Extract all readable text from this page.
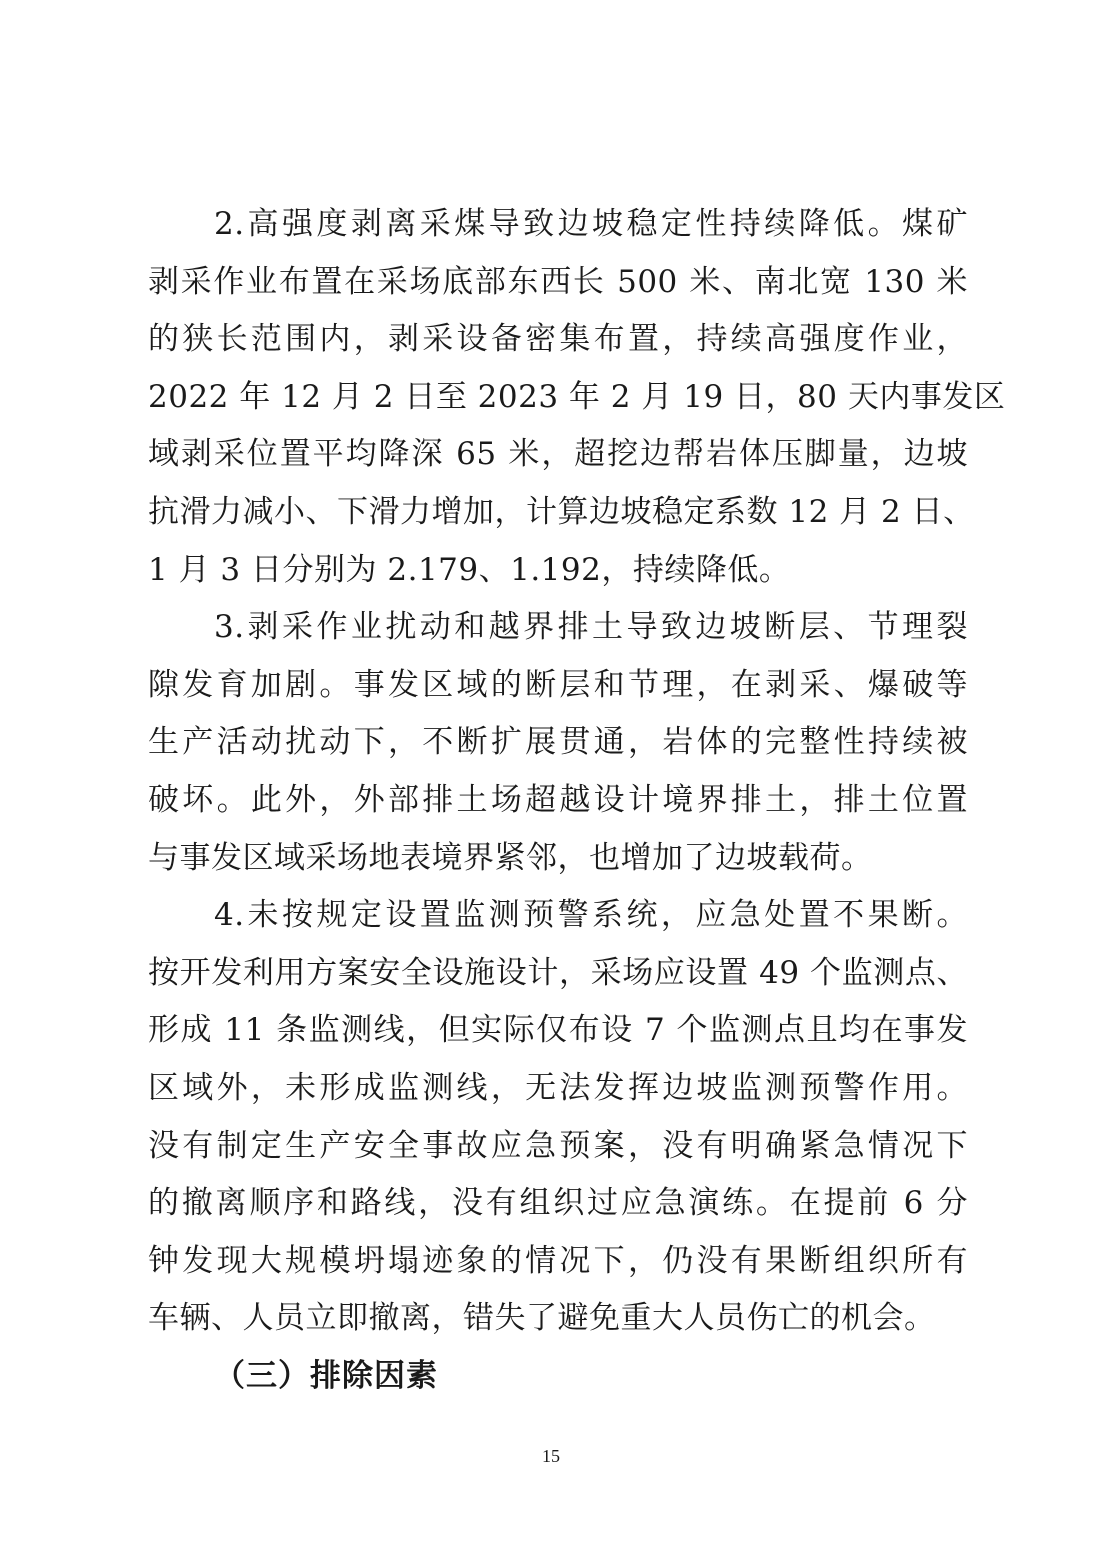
2.高强度剥离采煤导致边坡稳定性持续降低。煤矿
剥采作业布置在采场底部东西长 500 米、南北宽 130 米
的狭长范围内，剥采设备密集布置，持续高强度作业，
2022 年 12 月 2 日至 2023 年 2 月 19 日，80 天内事发区
域剥采位置平均降深 65 米，超挖边帮岩体压脚量，边坡
抗滑力减小、下滑力增加，计算边坡稳定系数 12 月 2 日、
1 月 3 日分别为 2.179、1.192，持续降低。
3.剥采作业扰动和越界排土导致边坡断层、节理裂
隙发育加剧。事发区域的断层和节理，在剥采、爆破等
生产活动扰动下，不断扩展贯通，岩体的完整性持续被
破坏。此外，外部排土场超越设计境界排土，排土位置
与事发区域采场地表境界紧邻，也增加了边坡载荷。
4.未按规定设置监测预警系统，应急处置不果断。
按开发利用方案安全设施设计，采场应设置 49 个监测点、
形成 11 条监测线，但实际仅布设 7 个监测点且均在事发
区域外，未形成监测线，无法发挥边坡监测预警作用。
没有制定生产安全事故应急预案，没有明确紧急情况下
的撤离顺序和路线，没有组织过应急演练。在提前 6 分
钟发现大规模坍塌迹象的情况下，仍没有果断组织所有
车辆、人员立即撤离，错失了避免重大人员伤亡的机会。
（三）排除因素
15
